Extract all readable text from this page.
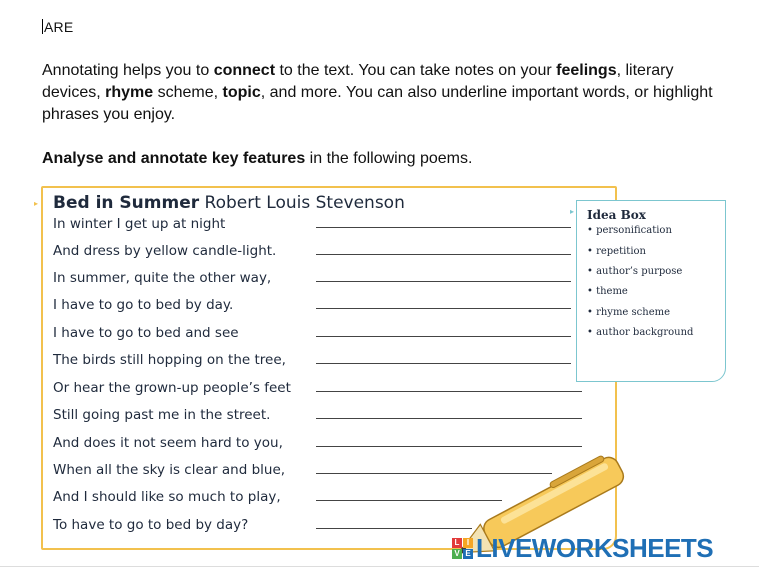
ARE
Annotating helps you to connect to the text. You can take notes on your feelings, literary devices, rhyme scheme, topic, and more. You can also underline important words, or highlight phrases you enjoy.
Analyse and annotate key features in the following poems.
▸
▸
Bed in Summer Robert Louis Stevenson
In winter I get up at night
And dress by yellow candle-light.
In summer, quite the other way,
I have to go to bed by day.
I have to go to bed and see
The birds still hopping on the tree,
Or hear the grown-up people’s feet
Still going past me in the street.
And does it not seem hard to you,
When all the sky is clear and blue,
And I should like so much to play,
To have to go to bed by day?
Idea Box
• personification
• repetition
• author’s purpose
• theme
• rhyme scheme
• author background
L I
V E LIVEWORKSHEETS
